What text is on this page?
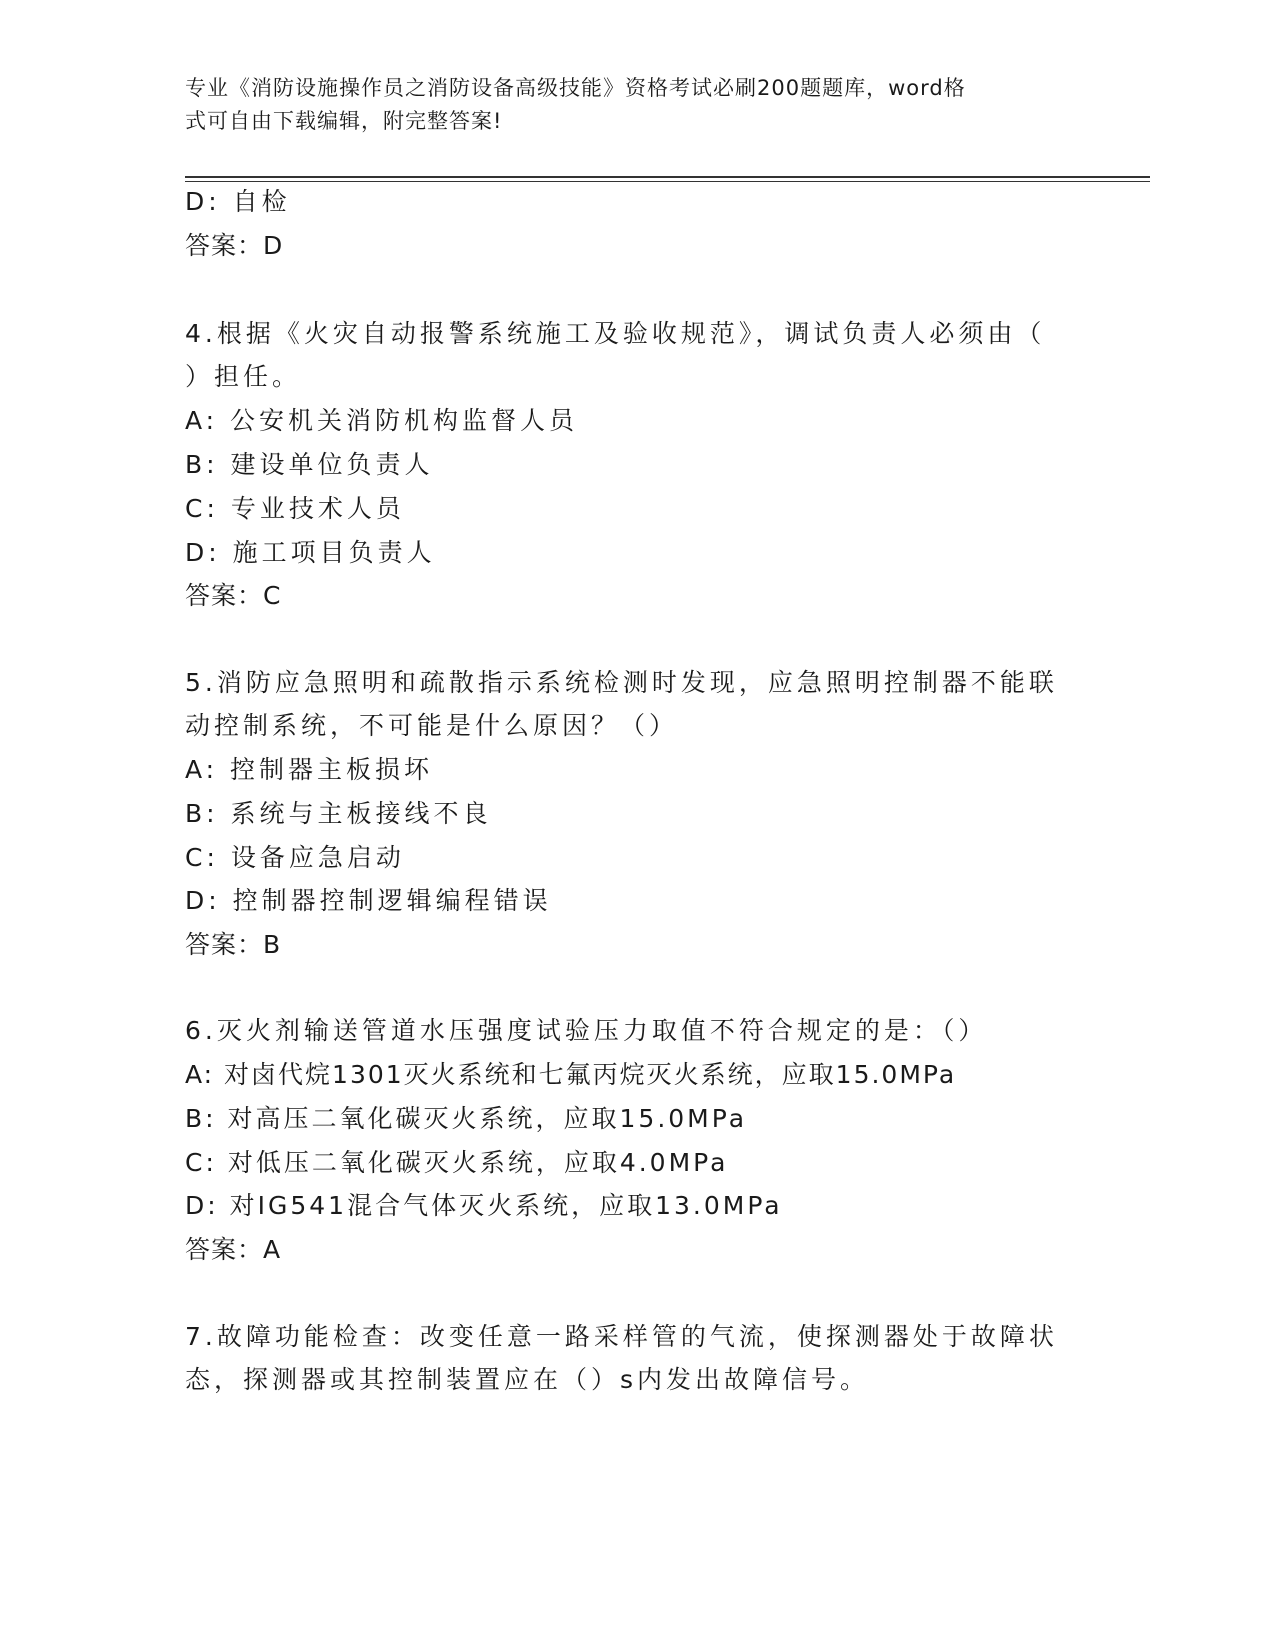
专业《消防设施操作员之消防设备高级技能》资格考试必刷200题题库，word格
式可自由下载编辑，附完整答案!
D: 自检
答案：D
4.根据《火灾自动报警系统施工及验收规范》，调试负责人必须由（
）担任。
A: 公安机关消防机构监督人员
B: 建设单位负责人
C: 专业技术人员
D: 施工项目负责人
答案：C
5.消防应急照明和疏散指示系统检测时发现，应急照明控制器不能联
动控制系统，不可能是什么原因？（）
A: 控制器主板损坏
B: 系统与主板接线不良
C: 设备应急启动
D: 控制器控制逻辑编程错误
答案：B
6.灭火剂输送管道水压强度试验压力取值不符合规定的是：（）
A: 对卤代烷1301灭火系统和七氟丙烷灭火系统，应取15.0MPa
B: 对高压二氧化碳灭火系统，应取15.0MPa
C: 对低压二氧化碳灭火系统，应取4.0MPa
D: 对IG541混合气体灭火系统，应取13.0MPa
答案：A
7.故障功能检查：改变任意一路采样管的气流，使探测器处于故障状
态，探测器或其控制装置应在（）s内发出故障信号。
